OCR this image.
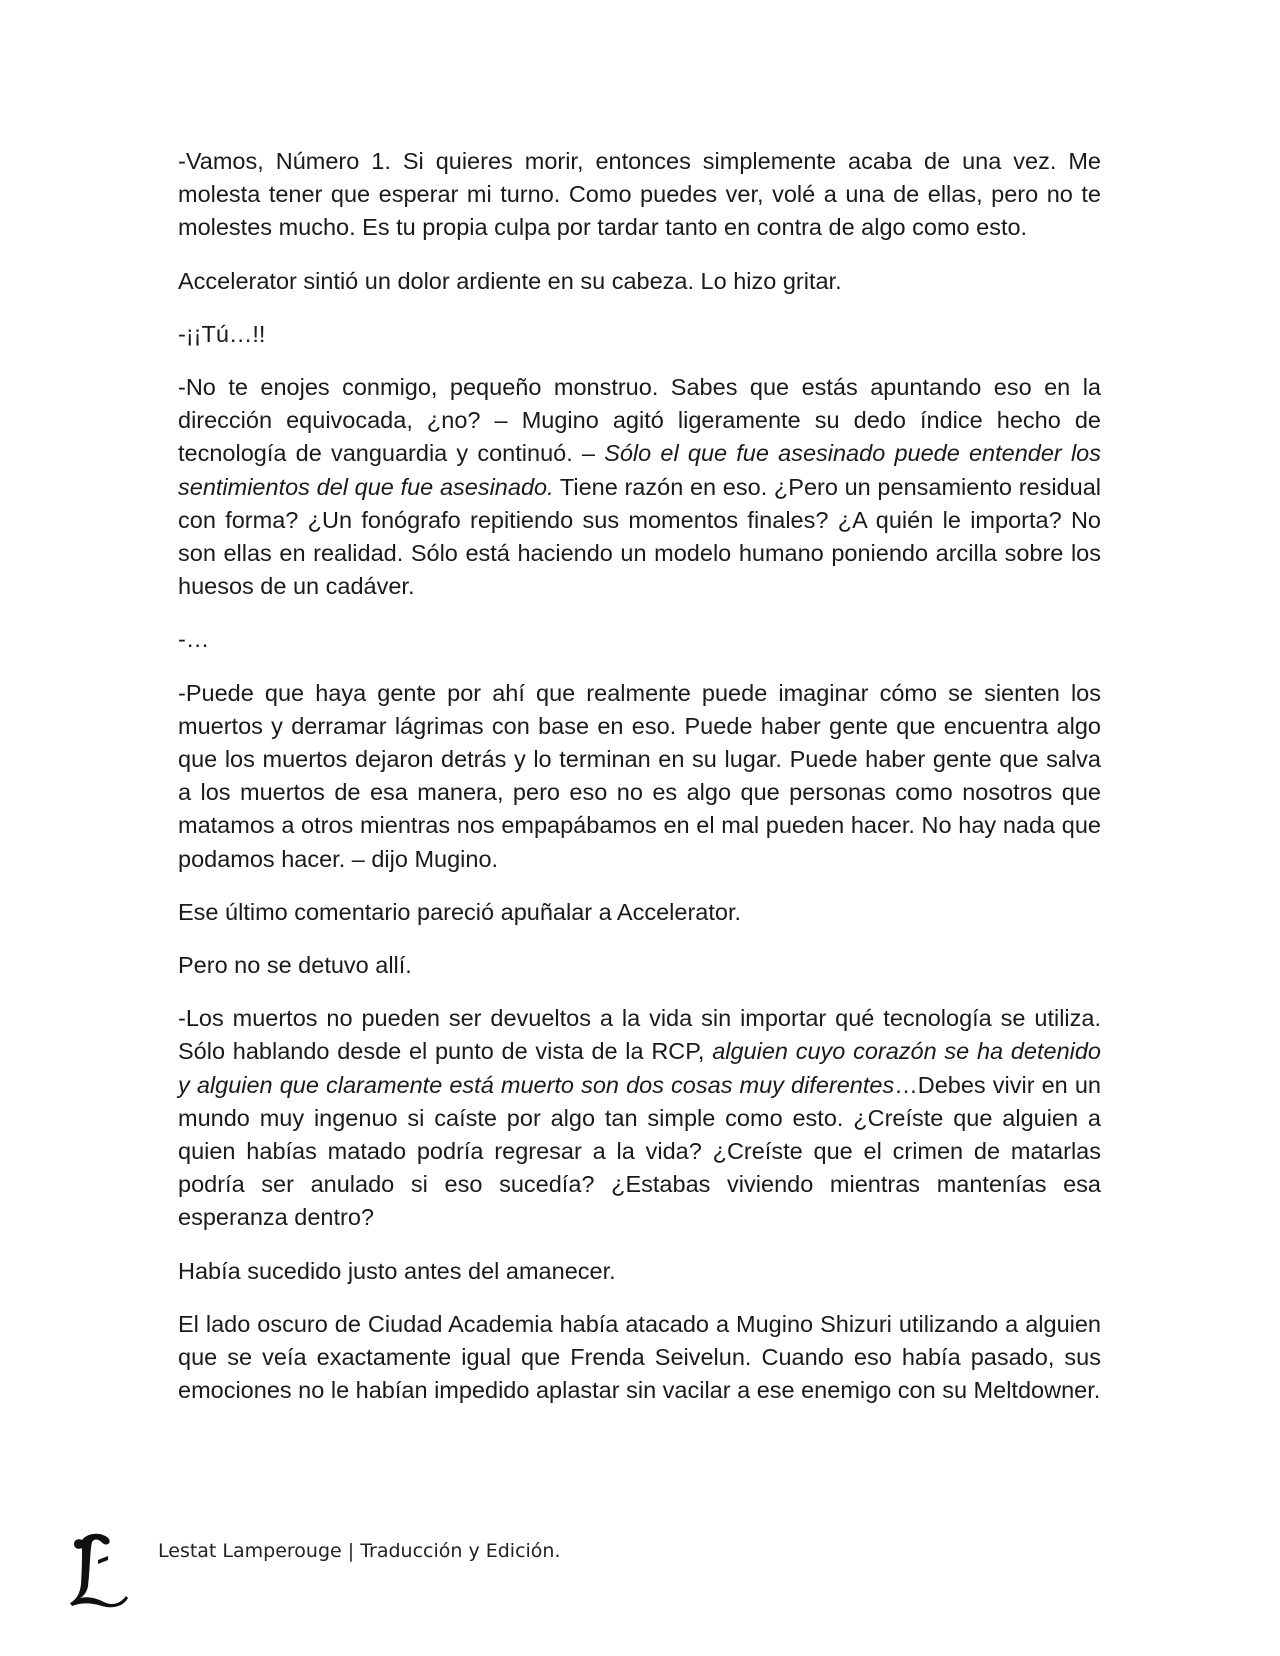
-Vamos, Número 1. Si quieres morir, entonces simplemente acaba de una vez. Me molesta tener que esperar mi turno. Como puedes ver, volé a una de ellas, pero no te molestes mucho. Es tu propia culpa por tardar tanto en contra de algo como esto.

Accelerator sintió un dolor ardiente en su cabeza. Lo hizo gritar.

-¡¡Tú…!!

-No te enojes conmigo, pequeño monstruo. Sabes que estás apuntando eso en la dirección equivocada, ¿no? – Mugino agitó ligeramente su dedo índice hecho de tecnología de vanguardia y continuó. – Sólo el que fue asesinado puede entender los sentimientos del que fue asesinado. Tiene razón en eso. ¿Pero un pensamiento residual con forma? ¿Un fonógrafo repitiendo sus momentos finales? ¿A quién le importa? No son ellas en realidad. Sólo está haciendo un modelo humano poniendo arcilla sobre los huesos de un cadáver.

-…

-Puede que haya gente por ahí que realmente puede imaginar cómo se sienten los muertos y derramar lágrimas con base en eso. Puede haber gente que encuentra algo que los muertos dejaron detrás y lo terminan en su lugar. Puede haber gente que salva a los muertos de esa manera, pero eso no es algo que personas como nosotros que matamos a otros mientras nos empapábamos en el mal pueden hacer. No hay nada que podamos hacer. – dijo Mugino.

Ese último comentario pareció apuñalar a Accelerator.

Pero no se detuvo allí.

-Los muertos no pueden ser devueltos a la vida sin importar qué tecnología se utiliza. Sólo hablando desde el punto de vista de la RCP, alguien cuyo corazón se ha detenido y alguien que claramente está muerto son dos cosas muy diferentes…Debes vivir en un mundo muy ingenuo si caíste por algo tan simple como esto. ¿Creíste que alguien a quien habías matado podría regresar a la vida? ¿Creíste que el crimen de matarlas podría ser anulado si eso sucedía? ¿Estabas viviendo mientras mantenías esa esperanza dentro?

Había sucedido justo antes del amanecer.

El lado oscuro de Ciudad Academia había atacado a Mugino Shizuri utilizando a alguien que se veía exactamente igual que Frenda Seivelun. Cuando eso había pasado, sus emociones no le habían impedido aplastar sin vacilar a ese enemigo con su Meltdowner.

Lestat Lamperouge | Traducción y Edición.
